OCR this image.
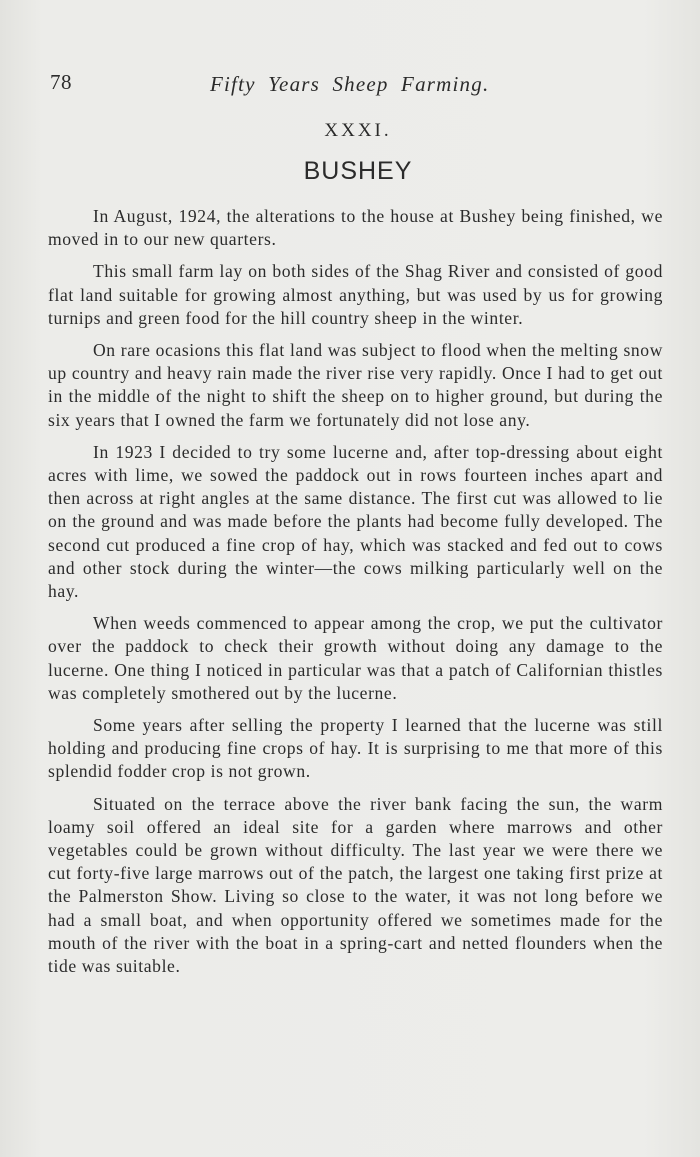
78	Fifty Years Sheep Farming.
XXXI.
BUSHEY

In August, 1924, the alterations to the house at Bushey being finished, we moved in to our new quarters.

This small farm lay on both sides of the Shag River and consisted of good flat land suitable for growing almost anything, but was used by us for growing turnips and green food for the hill country sheep in the winter.

On rare ocasions this flat land was subject to flood when the melting snow up country and heavy rain made the river rise very rapidly. Once I had to get out in the middle of the night to shift the sheep on to higher ground, but during the six years that I owned the farm we fortunately did not lose any.

In 1923 I decided to try some lucerne and, after top-dressing about eight acres with lime, we sowed the paddock out in rows fourteen inches apart and then across at right angles at the same distance. The first cut was allowed to lie on the ground and was made before the plants had become fully developed. The second cut produced a fine crop of hay, which was stacked and fed out to cows and other stock during the winter—the cows milking particularly well on the hay.

When weeds commenced to appear among the crop, we put the cultivator over the paddock to check their growth without doing any damage to the lucerne. One thing I noticed in particular was that a patch of Californian thistles was completely smothered out by the lucerne.

Some years after selling the property I learned that the lucerne was still holding and producing fine crops of hay. It is surprising to me that more of this splendid fodder crop is not grown.

Situated on the terrace above the river bank facing the sun, the warm loamy soil offered an ideal site for a garden where marrows and other vegetables could be grown without difficulty. The last year we were there we cut forty-five large marrows out of the patch, the largest one taking first prize at the Palmerston Show. Living so close to the water, it was not long before we had a small boat, and when opportunity offered we sometimes made for the mouth of the river with the boat in a spring-cart and netted flounders when the tide was suitable.
